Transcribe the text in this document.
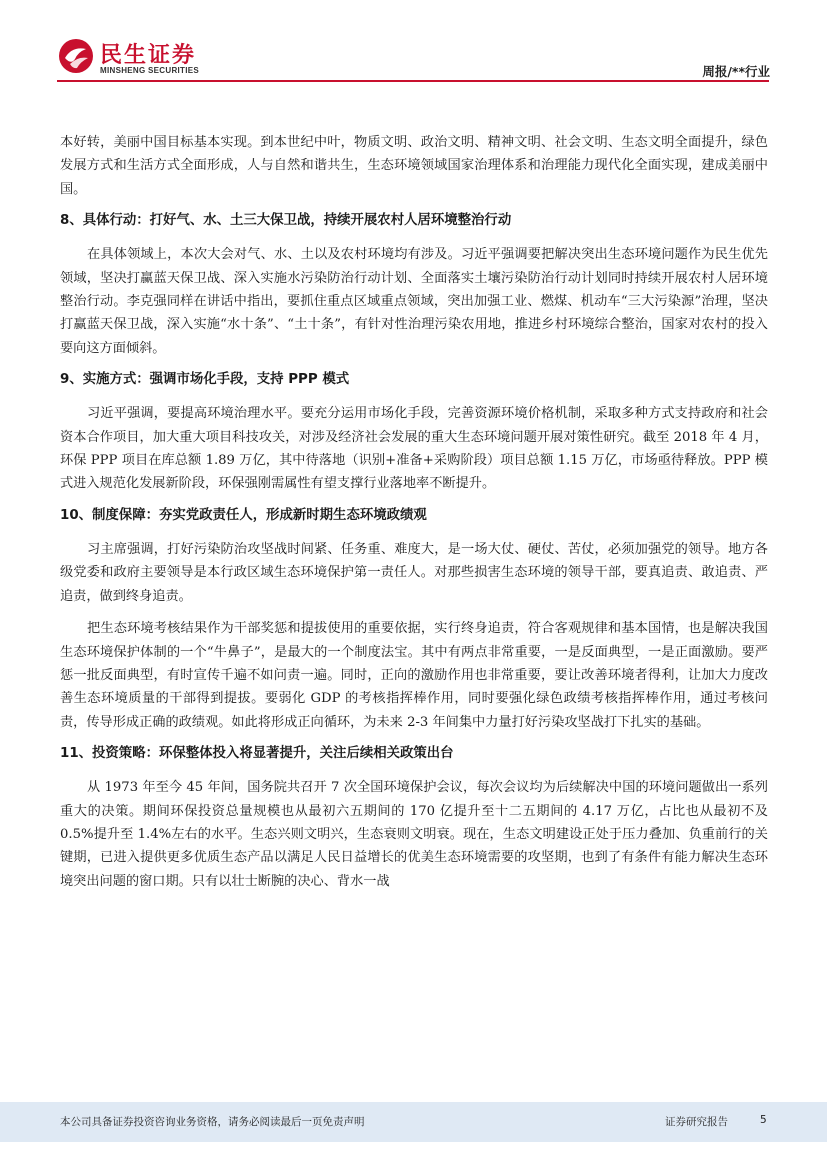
民生证券
MINSHENG SECURITIES	周报/**行业

本好转，美丽中国目标基本实现。到本世纪中叶，物质文明、政治文明、精神文明、社会文明、生态文明全面提升，绿色发展方式和生活方式全面形成，人与自然和谐共生，生态环境领域国家治理体系和治理能力现代化全面实现，建成美丽中国。

8、具体行动：打好气、水、土三大保卫战，持续开展农村人居环境整治行动

在具体领域上，本次大会对气、水、土以及农村环境均有涉及。习近平强调要把解决突出生态环境问题作为民生优先领域，坚决打赢蓝天保卫战、深入实施水污染防治行动计划、全面落实土壤污染防治行动计划同时持续开展农村人居环境整治行动。李克强同样在讲话中指出，要抓住重点区域重点领域，突出加强工业、燃煤、机动车“三大污染源”治理，坚决打赢蓝天保卫战，深入实施“水十条”、“土十条”，有针对性治理污染农用地，推进乡村环境综合整治，国家对农村的投入要向这方面倾斜。

9、实施方式：强调市场化手段，支持 PPP 模式

习近平强调，要提高环境治理水平。要充分运用市场化手段，完善资源环境价格机制，采取多种方式支持政府和社会资本合作项目，加大重大项目科技攻关，对涉及经济社会发展的重大生态环境问题开展对策性研究。截至 2018 年 4 月，环保 PPP 项目在库总额 1.89 万亿，其中待落地（识别+准备+采购阶段）项目总额 1.15 万亿，市场亟待释放。PPP 模式进入规范化发展新阶段，环保强刚需属性有望支撑行业落地率不断提升。

10、制度保障：夯实党政责任人，形成新时期生态环境政绩观

习主席强调，打好污染防治攻坚战时间紧、任务重、难度大，是一场大仗、硬仗、苦仗，必须加强党的领导。地方各级党委和政府主要领导是本行政区域生态环境保护第一责任人。对那些损害生态环境的领导干部，要真追责、敢追责、严追责，做到终身追责。

把生态环境考核结果作为干部奖惩和提拔使用的重要依据，实行终身追责，符合客观规律和基本国情，也是解决我国生态环境保护体制的一个“牛鼻子”，是最大的一个制度法宝。其中有两点非常重要，一是反面典型，一是正面激励。要严惩一批反面典型，有时宣传千遍不如问责一遍。同时，正向的激励作用也非常重要，要让改善环境者得利，让加大力度改善生态环境质量的干部得到提拔。要弱化 GDP 的考核指挥棒作用，同时要强化绿色政绩考核指挥棒作用，通过考核问责，传导形成正确的政绩观。如此将形成正向循环，为未来 2-3 年间集中力量打好污染攻坚战打下扎实的基础。

11、投资策略：环保整体投入将显著提升，关注后续相关政策出台

从 1973 年至今 45 年间，国务院共召开 7 次全国环境保护会议，每次会议均为后续解决中国的环境问题做出一系列重大的决策。期间环保投资总量规模也从最初六五期间的 170 亿提升至十二五期间的 4.17 万亿，占比也从最初不及 0.5%提升至 1.4%左右的水平。生态兴则文明兴，生态衰则文明衰。现在，生态文明建设正处于压力叠加、负重前行的关键期，已进入提供更多优质生态产品以满足人民日益增长的优美生态环境需要的攻坚期，也到了有条件有能力解决生态环境突出问题的窗口期。只有以壮士断腕的决心、背水一战

本公司具备证券投资咨询业务资格，请务必阅读最后一页免责声明	证券研究报告	5
